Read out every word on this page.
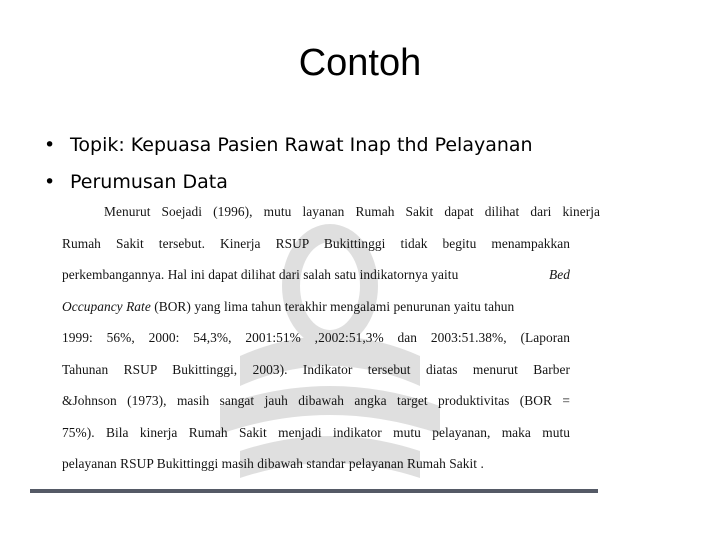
Contoh
• Topik: Kepuasa Pasien Rawat Inap thd Pelayanan
• Perumusan Data
Menurut Soejadi (1996), mutu layanan Rumah Sakit dapat dilihat dari kinerja
Rumah Sakit tersebut. Kinerja RSUP Bukittinggi tidak begitu menampakkan
perkembangannya. Hal ini dapat dilihat dari salah satu indikatornya yaitu	Bed
Occupancy Rate (BOR) yang lima tahun terakhir mengalami penurunan yaitu tahun
1999: 56%, 2000: 54,3%, 2001:51% ,2002:51,3% dan 2003:51.38%, (Laporan
Tahunan RSUP Bukittinggi, 2003). Indikator tersebut diatas menurut Barber
&Johnson (1973), masih sangat jauh dibawah angka target produktivitas (BOR =
75%). Bila kinerja Rumah Sakit menjadi indikator mutu pelayanan, maka mutu
pelayanan RSUP Bukittinggi masih dibawah standar pelayanan Rumah Sakit .
